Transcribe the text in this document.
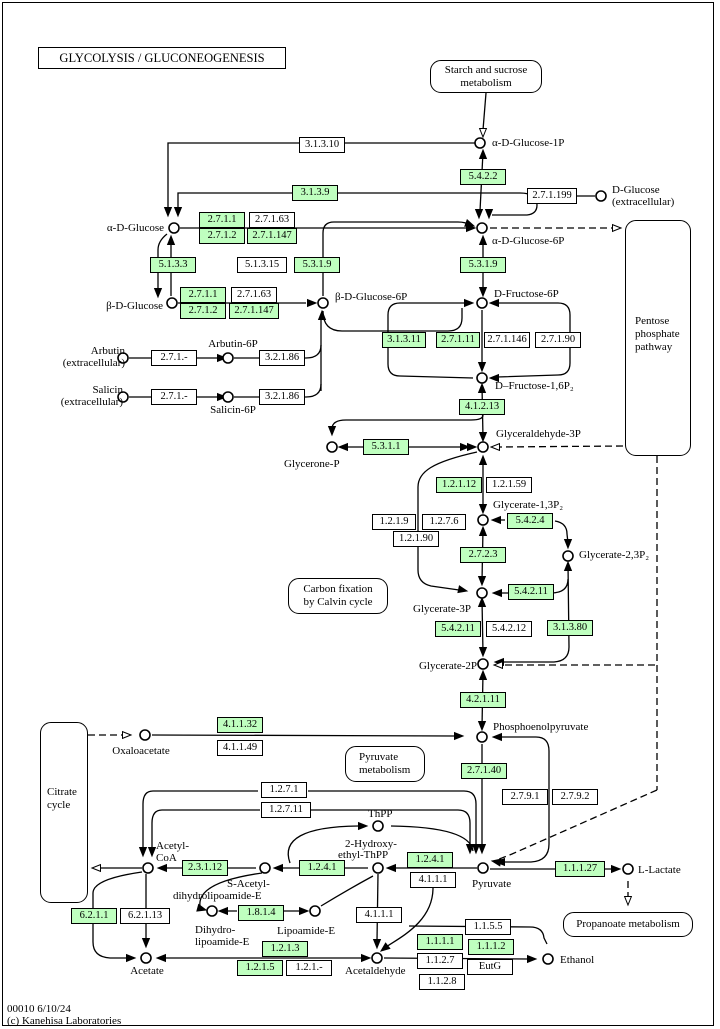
GLYCOLYSIS / GLUCONEOGENESIS
Starch and sucrose
metabolism
Pentose
phosphate
pathway
Carbon fixation
by Calvin cycle
Pyruvate
metabolism
Citrate
cycle
Propanoate metabolism
3.1.3.10
5.4.2.2
3.1.3.9	2.7.1.199
2.7.1.1	2.7.1.63
2.7.1.2	2.7.1.147
5.1.3.3	5.1.3.15	5.3.1.9	5.3.1.9
2.7.1.1	2.7.1.63
2.7.1.2	2.7.1.147
2.7.1.-	3.2.1.86
2.7.1.-	3.2.1.86
3.1.3.11	2.7.1.11	2.7.1.146	2.7.1.90
4.1.2.13
5.3.1.1
1.2.1.12	1.2.1.59
1.2.1.9	1.2.7.6	5.4.2.4
1.2.1.90
2.7.2.3
5.4.2.11
5.4.2.11	5.4.2.12	3.1.3.80
4.2.1.11
4.1.1.32
4.1.1.49
2.7.1.40
2.7.9.1	2.7.9.2
1.2.7.1
1.2.7.11
2.3.1.12	1.2.4.1
1.2.4.1
4.1.1.1
1.1.1.27
6.2.1.1	6.2.1.13	1.8.1.4	4.1.1.1
1.2.1.3
1.2.1.5	1.2.1.-
1.1.5.5
1.1.1.1	1.1.1.2
1.1.2.7
EutG
1.1.2.8
α-D-Glucose-1P
D-Glucose
(extracellular)
α-D-Glucose
α-D-Glucose-6P
β-D-Glucose
β-D-Glucose-6P	D-Fructose-6P
D–Fructose-1,6P₂
Arbutin
(extracellular)
Arbutin-6P
Salicin
(extracellular)
Salicin-6P
Glyceraldehyde-3P
Glycerone-P
Glycerate-1,3P₂
Glycerate-2,3P₂
Glycerate-3P
Glycerate-2P
Phosphoenolpyruvate
Oxaloacetate
ThPP
2-Hydroxy-
ethyl-ThPP
Pyruvate
L-Lactate
Acetyl-
CoA
S-Acetyl-
dihydrolipoamide-E
Dihydro-
lipoamide-E
Lipoamide-E
Acetate	Acetaldehyde
Ethanol
00010 6/10/24
(c) Kanehisa Laboratories
